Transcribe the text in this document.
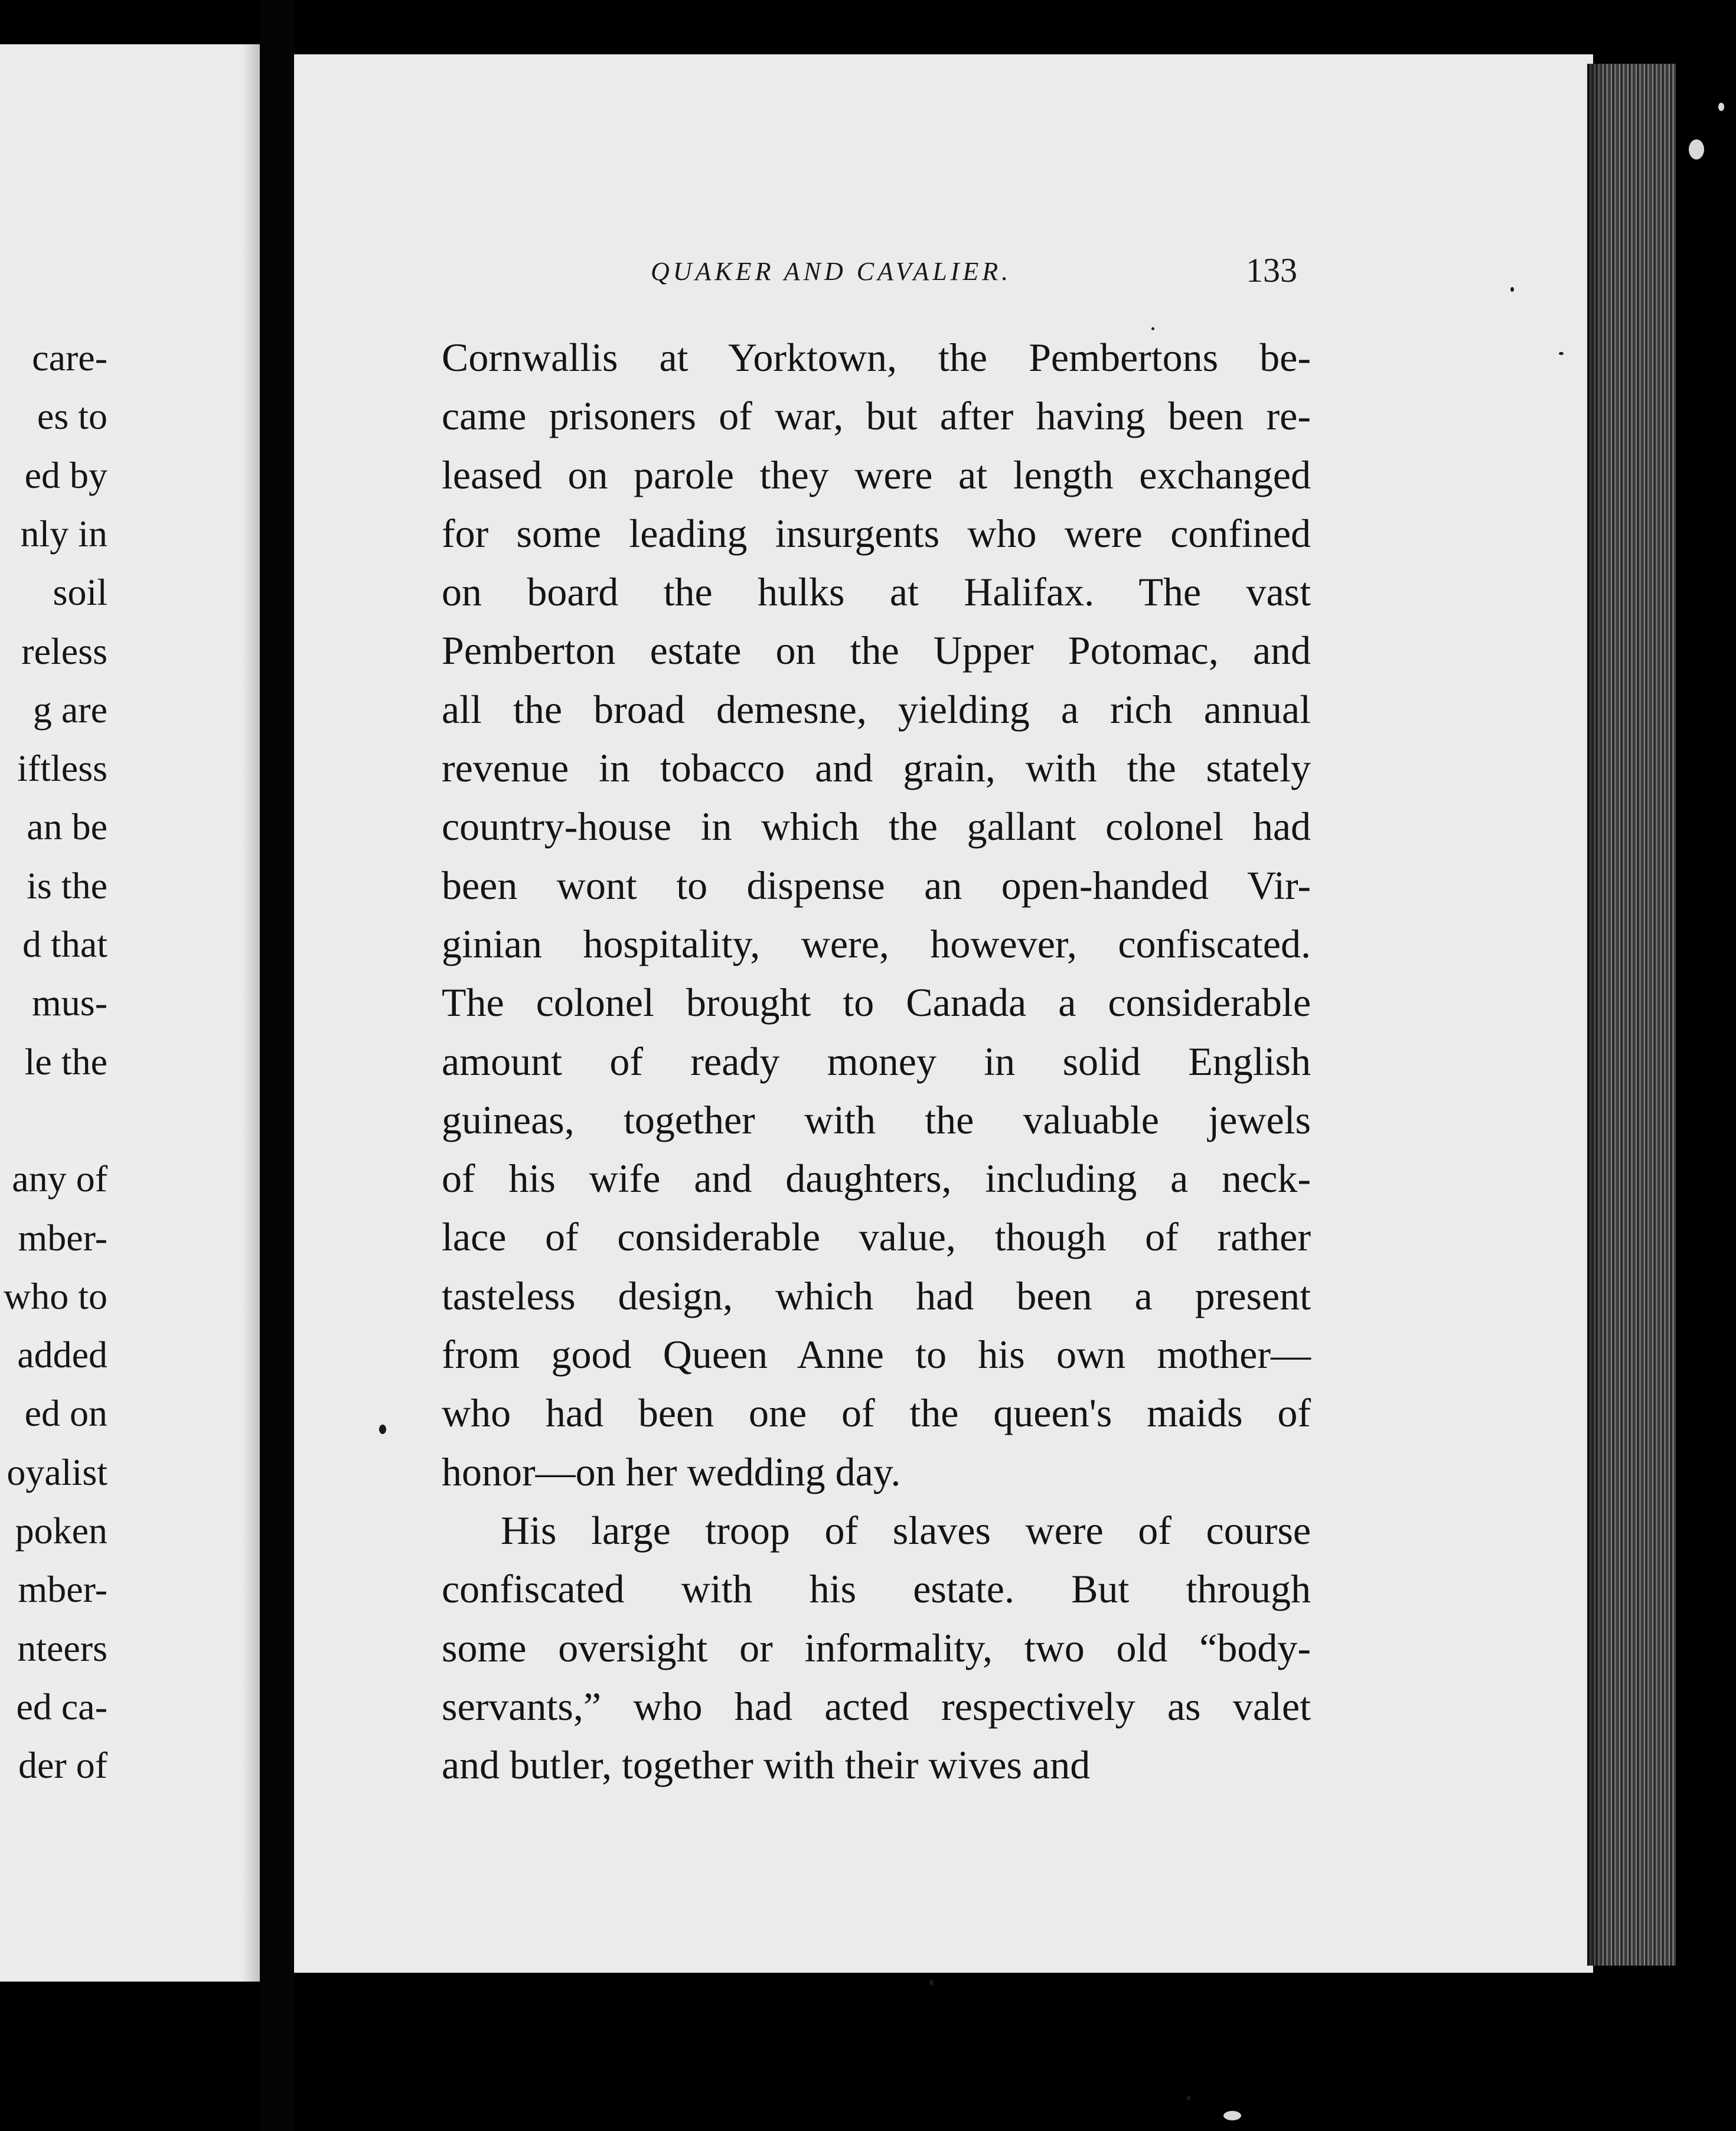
care-
es to
ed by
nly in
soil
reless
g are
iftless
an be
is the
d that
mus-
le the
any of
mber-
who to
added
ed on
oyalist
poken
mber-
nteers
ed ca-
der of
QUAKER AND CAVALIER.	133
Cornwallis at Yorktown, the Pembertons be-
came prisoners of war, but after having been re-
leased on parole they were at length exchanged
for some leading insurgents who were confined
on board the hulks at Halifax. The vast
Pemberton estate on the Upper Potomac, and
all the broad demesne, yielding a rich annual
revenue in tobacco and grain, with the stately
country-house in which the gallant colonel had
been wont to dispense an open-handed Vir-
ginian hospitality, were, however, confiscated.
The colonel brought to Canada a considerable
amount of ready money in solid English
guineas, together with the valuable jewels
of his wife and daughters, including a neck-
lace of considerable value, though of rather
tasteless design, which had been a present
from good Queen Anne to his own mother—
who had been one of the queen's maids of
honor—on her wedding day.
His large troop of slaves were of course
confiscated with his estate. But through
some oversight or informality, two old “body-
servants,” who had acted respectively as valet
and butler, together with their wives and
